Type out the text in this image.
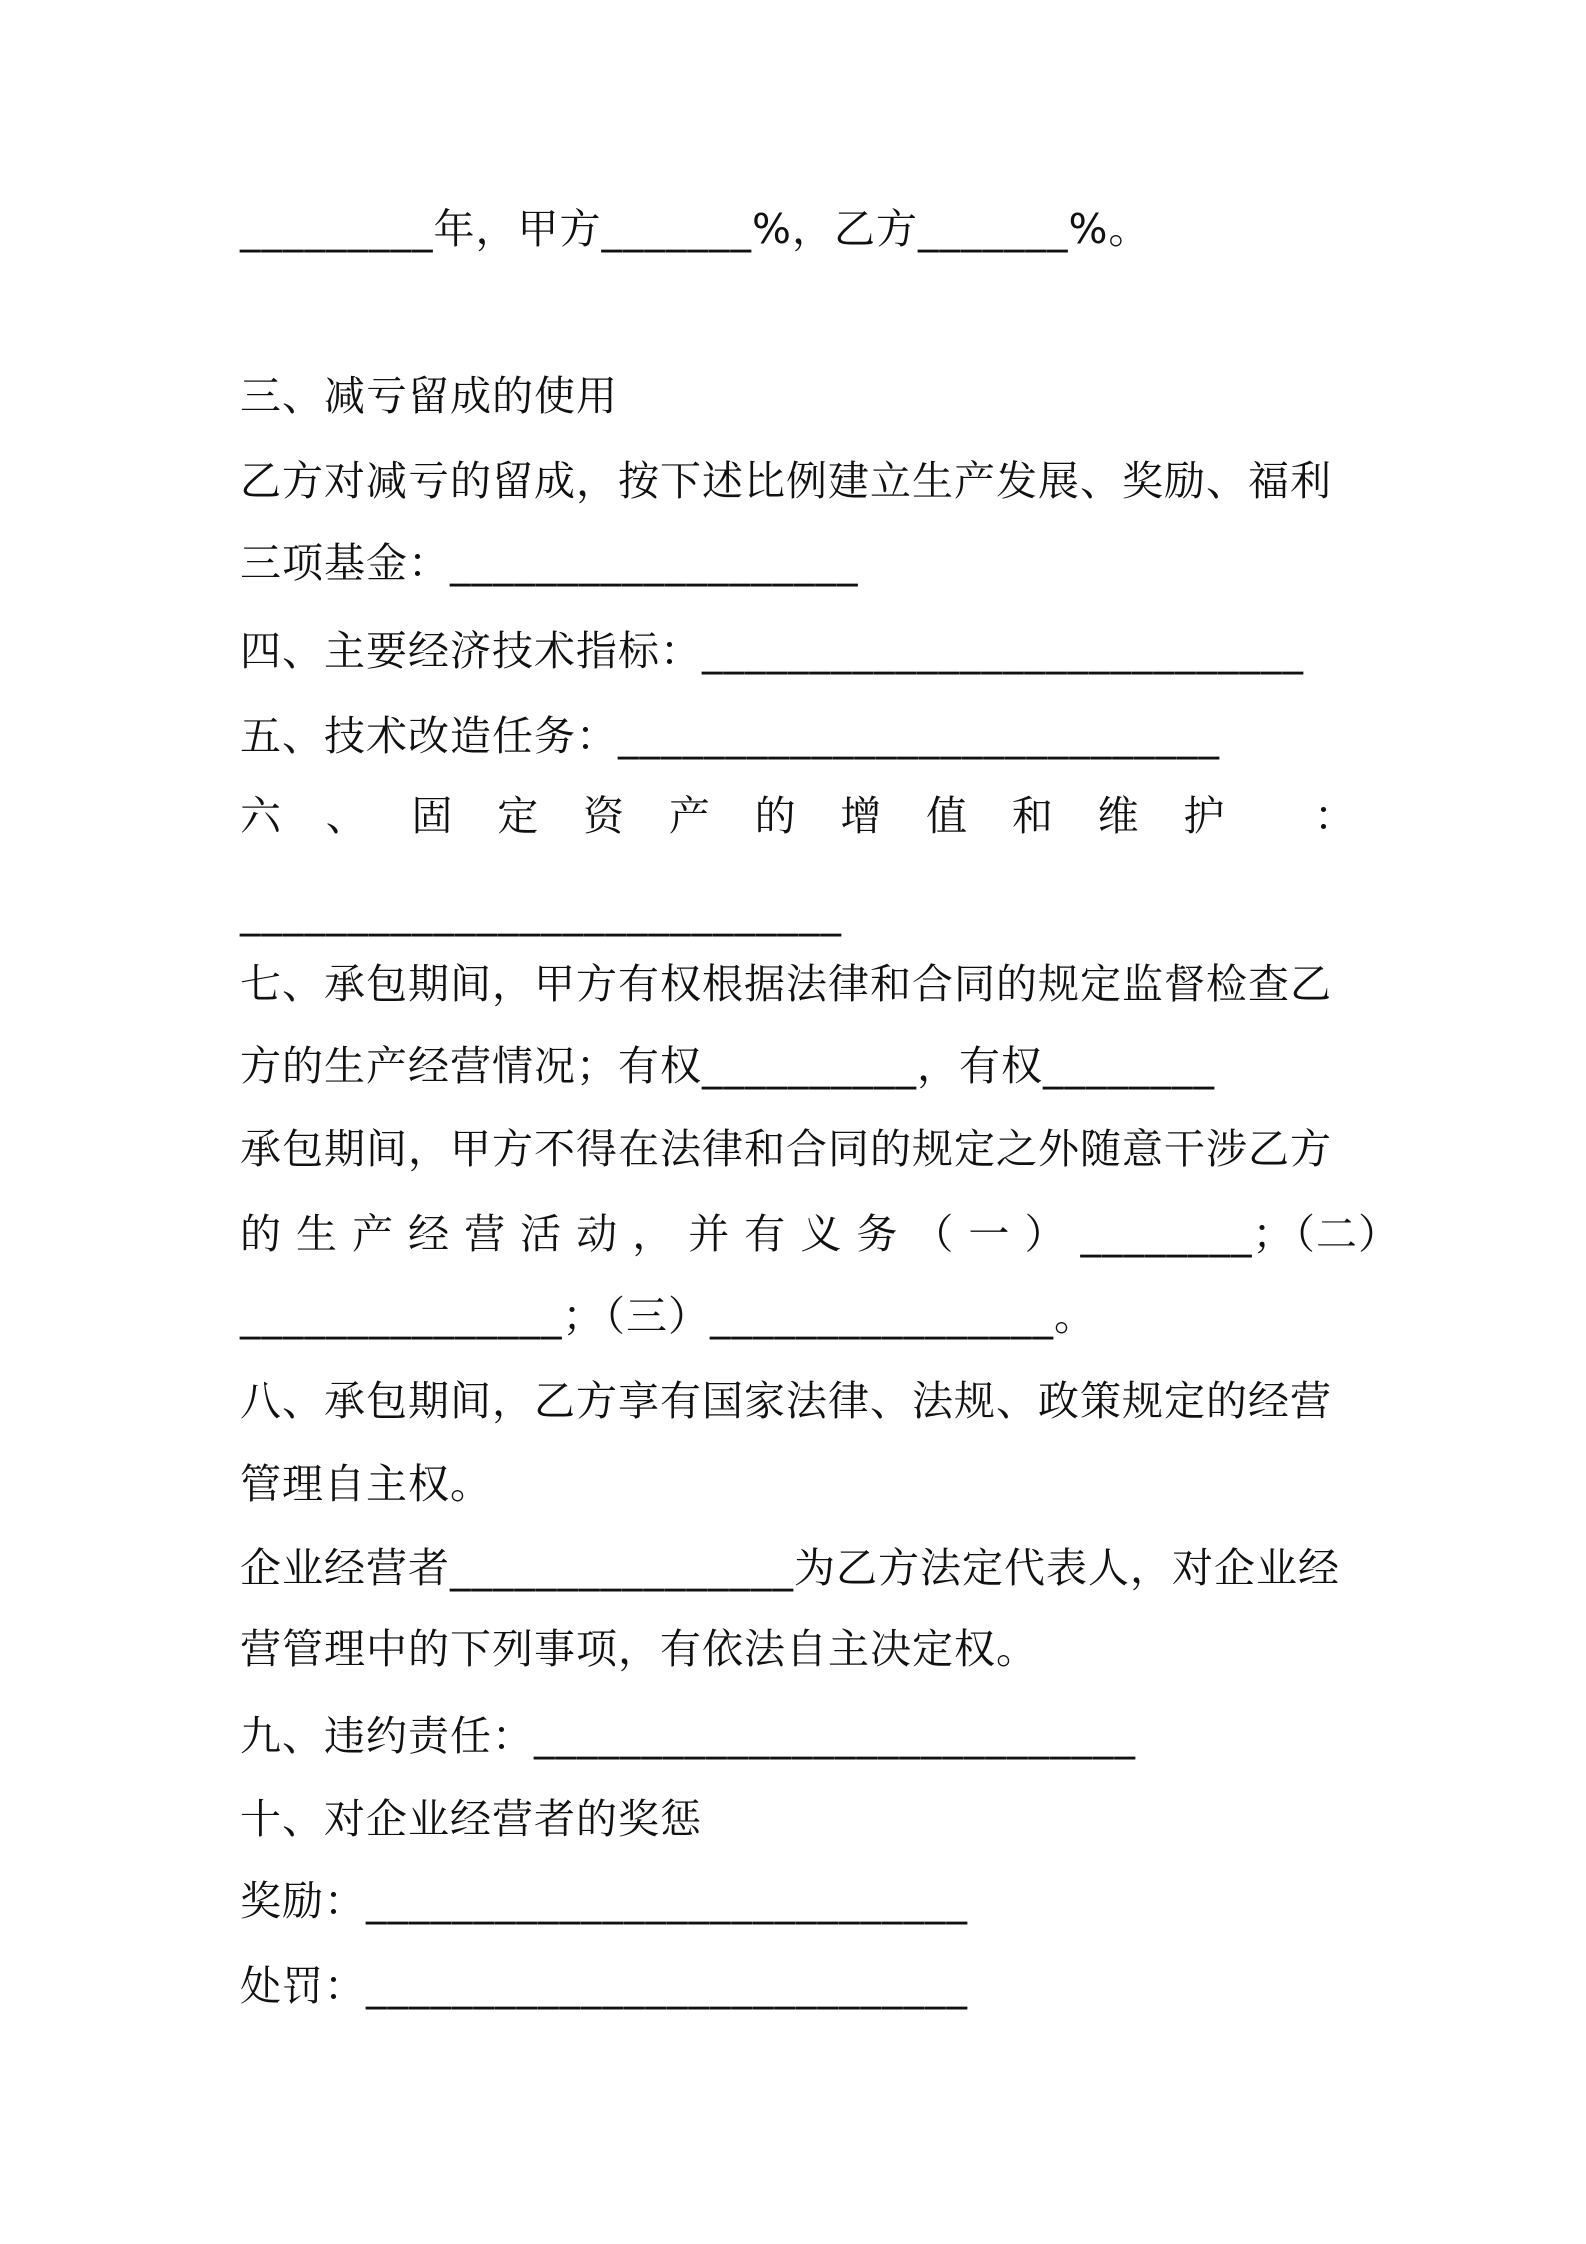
_________年，甲方_______%，乙方_______%。
三、减亏留成的使用
乙方对减亏的留成，按下述比例建立生产发展、奖励、福利
三项基金：___________________
四、主要经济技术指标：____________________________
五、技术改造任务：____________________________
六 、 固 定 资 产 的 增 值 和 维 护 ：
____________________________
七、承包期间，甲方有权根据法律和合同的规定监督检查乙
方的生产经营情况；有权__________，有权________
承包期间，甲方不得在法律和合同的规定之外随意干涉乙方
的 生 产 经 营 活 动 ， 并 有 义 务 （ 一 ） ________；（二）
_______________；（三）________________。
八、承包期间，乙方享有国家法律、法规、政策规定的经营
管理自主权。
企业经营者________________为乙方法定代表人，对企业经
营管理中的下列事项，有依法自主决定权。
九、违约责任：____________________________
十、对企业经营者的奖惩
奖励：____________________________
处罚：____________________________
